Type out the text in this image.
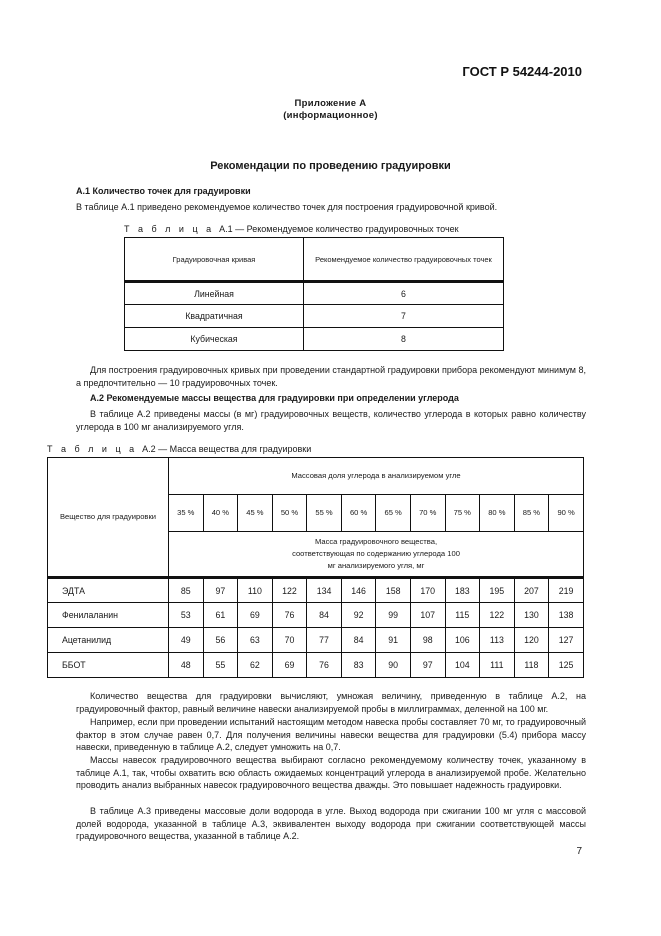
ГОСТ Р 54244-2010
Приложение А
(информационное)
Рекомендации по проведению градуировки
А.1 Количество точек для градуировки
В таблице А.1 приведено рекомендуемое количество точек для построения градуировочной кривой.
Т а б л и ц а А.1 — Рекомендуемое количество градуировочных точек
Градуировочная кривая	Рекомендуемое количество градуировочных точек
Линейная	6
Квадратичная	7
Кубическая	8
Для построения градуировочных кривых при проведении стандартной градуировки прибора рекомендуют минимум 8, а предпочтительно — 10 градуировочных точек.
А.2 Рекомендуемые массы вещества для градуировки при определении углерода
В таблице А.2 приведены массы (в мг) градуировочных веществ, количество углерода в которых равно количеству углерода в 100 мг анализируемого угля.
Т а б л и ц а А.2 — Масса вещества для градуировки
Вещество для градуировки	Массовая доля углерода в анализируемом угле											
	35 %	40 %	45 %	50 %	55 %	60 %	65 %	70 %	75 %	80 %	85 %	90 %
	Масса градуировочного вещества, соответствующая по содержанию углерода 100 мг анализируемого угля, мг											
ЭДТА	85	97	110	122	134	146	158	170	183	195	207	219
Фенилаланин	53	61	69	76	84	92	99	107	115	122	130	138
Ацетанилид	49	56	63	70	77	84	91	98	106	113	120	127
ББОТ	48	55	62	69	76	83	90	97	104	111	118	125
Количество вещества для градуировки вычисляют, умножая величину, приведенную в таблице А.2, на градуировочный фактор, равный величине навески анализируемой пробы в миллиграммах, деленной на 100 мг.
Например, если при проведении испытаний настоящим методом навеска пробы составляет 70 мг, то градуировочный фактор в этом случае равен 0,7. Для получения величины навески вещества для градуировки (5.4) прибора массу навески, приведенную в таблице А.2, следует умножить на 0,7.
Массы навесок градуировочного вещества выбирают согласно рекомендуемому количеству точек, указанному в таблице А.1, так, чтобы охватить всю область ожидаемых концентраций углерода в анализируемой пробе. Желательно проводить анализ выбранных навесок градуировочного вещества дважды. Это повышает надежность градуировки.
В таблице А.3 приведены массовые доли водорода в угле. Выход водорода при сжигании 100 мг угля с массовой долей водорода, указанной в таблице А.3, эквивалентен выходу водорода при сжигании соответствующей массы градуировочного вещества, указанной в таблице А.2.
7
